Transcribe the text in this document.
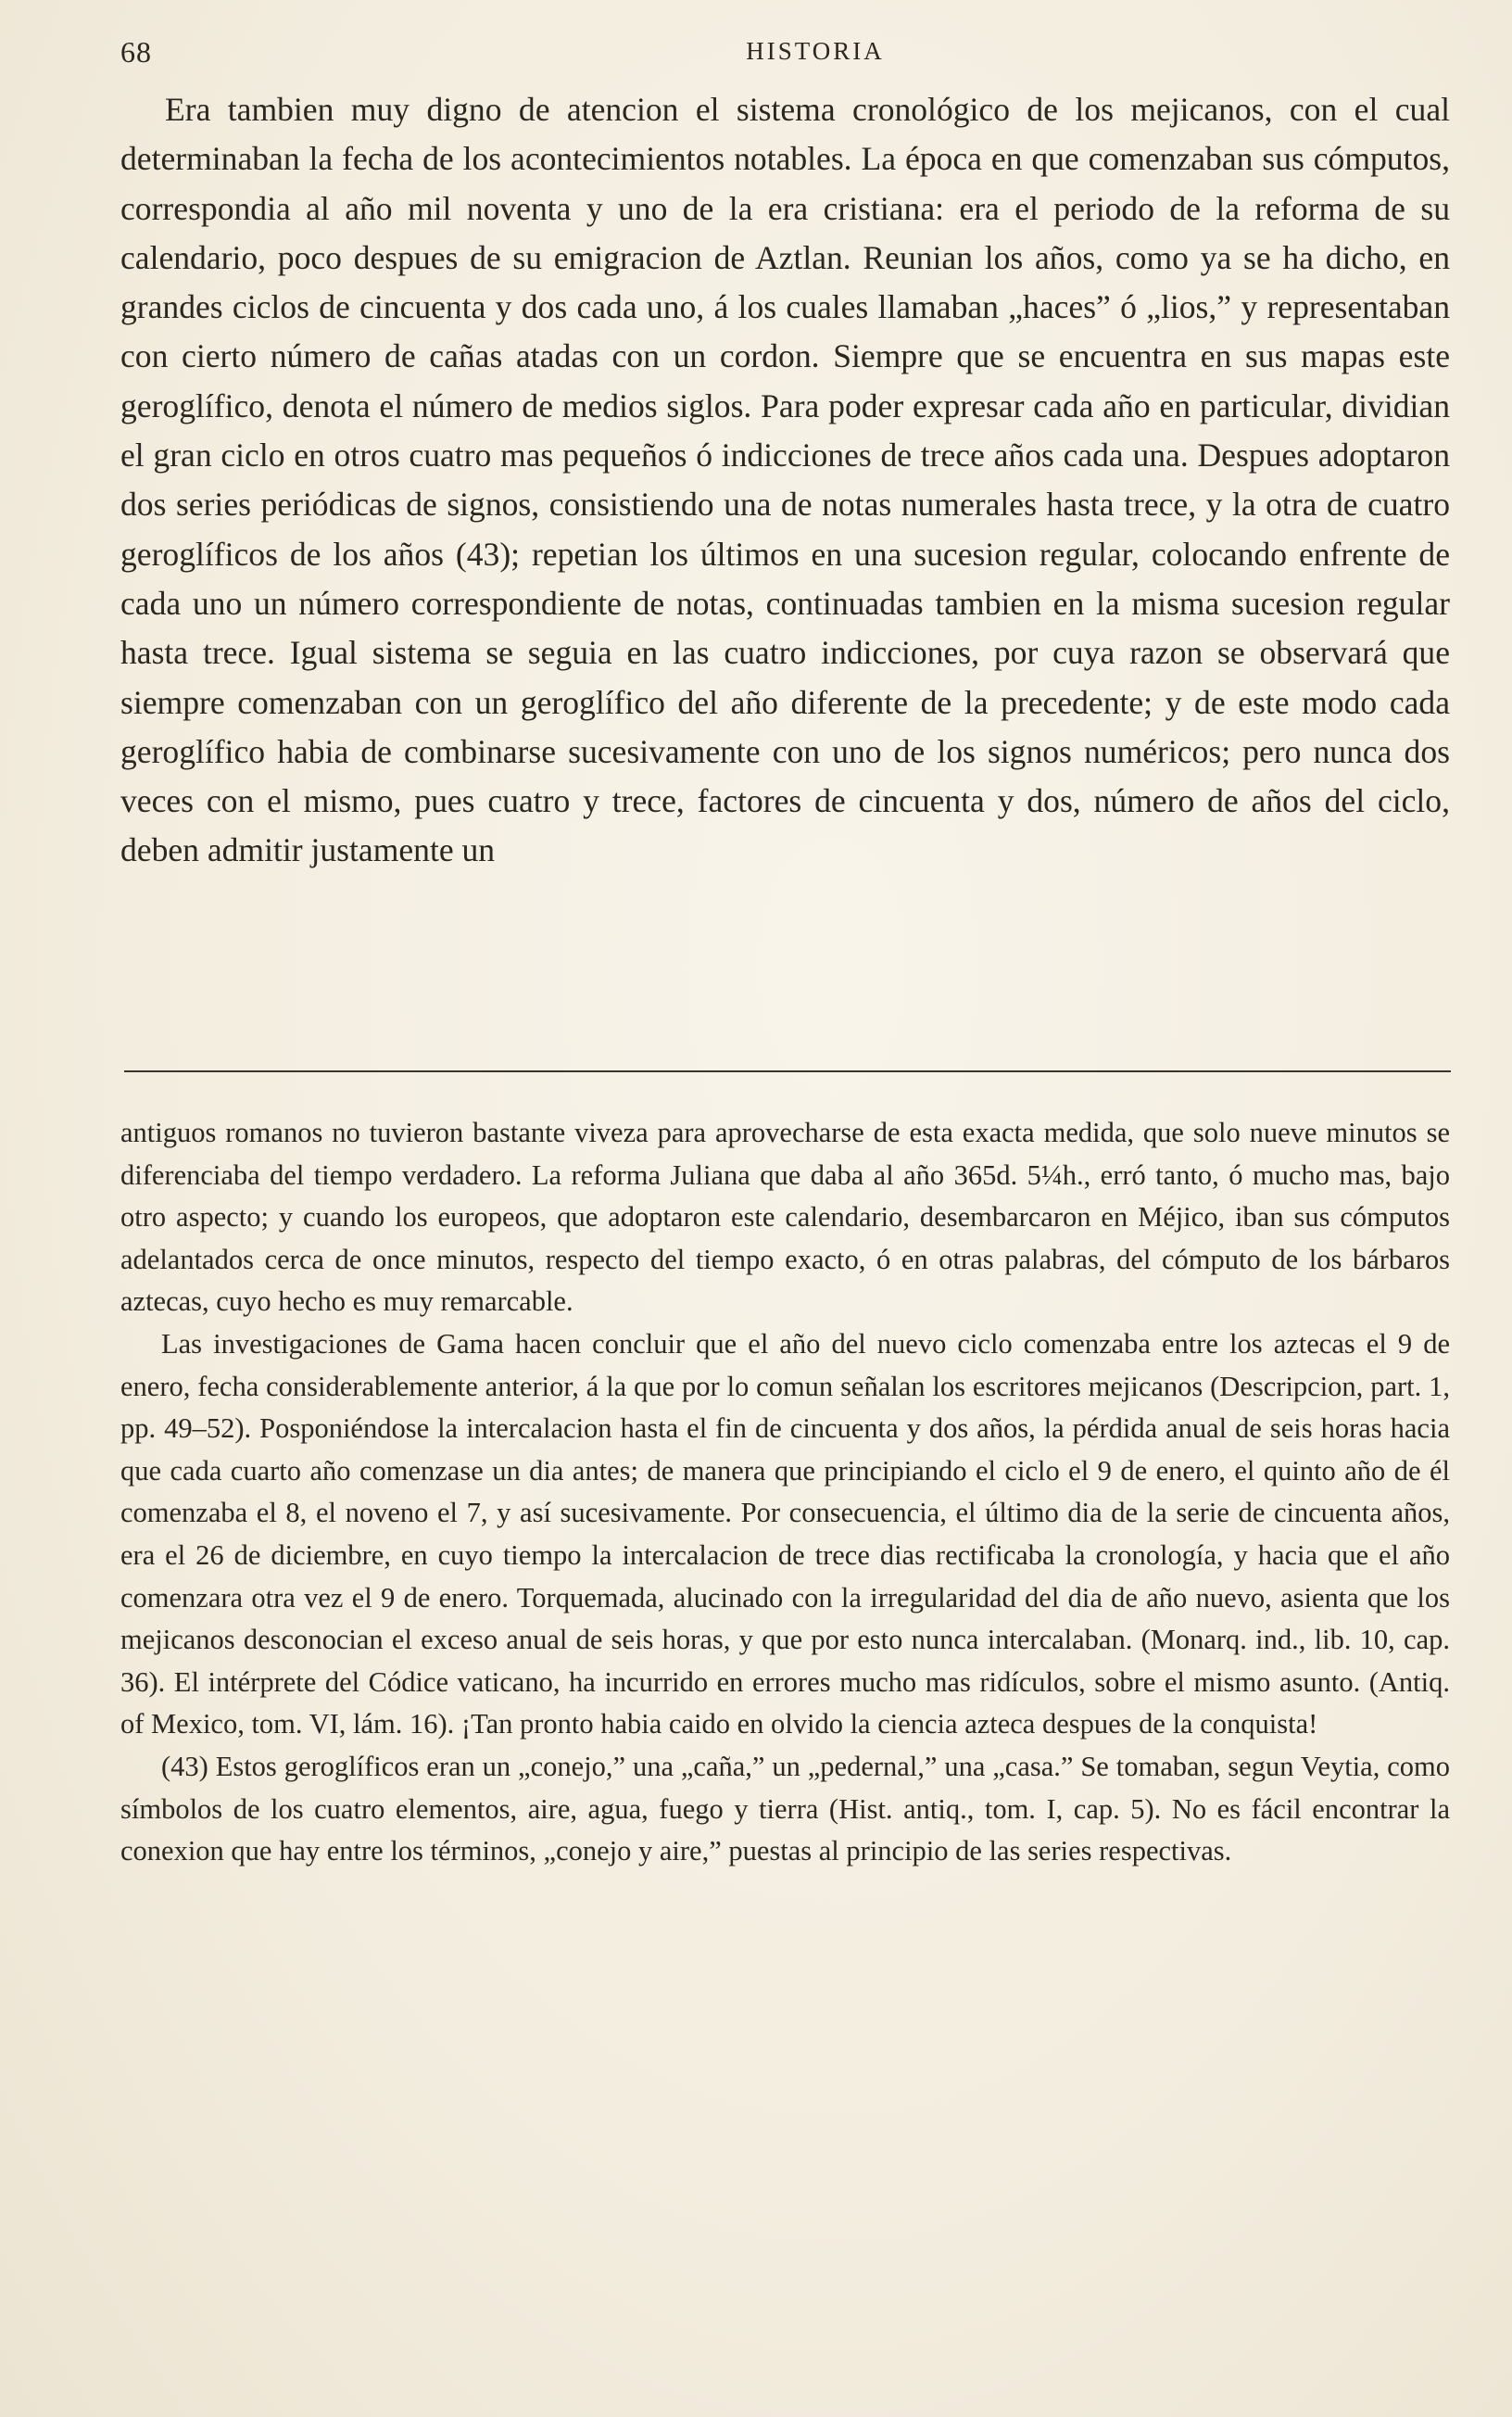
68	HISTORIA

Era tambien muy digno de atencion el sistema cronológico de los mejicanos, con el cual determinaban la fecha de los acontecimientos notables. La época en que comenzaban sus cómputos, correspondia al año mil noventa y uno de la era cristiana: era el periodo de la reforma de su calendario, poco despues de su emigracion de Aztlan. Reunian los años, como ya se ha dicho, en grandes ciclos de cincuenta y dos cada uno, á los cuales llamaban „haces” ó „lios,” y representaban con cierto número de cañas atadas con un cordon. Siempre que se encuentra en sus mapas este geroglífico, denota el número de medios siglos. Para poder expresar cada año en particular, dividian el gran ciclo en otros cuatro mas pequeños ó indicciones de trece años cada una. Despues adoptaron dos series periódicas de signos, consistiendo una de notas numerales hasta trece, y la otra de cuatro geroglíficos de los años (43); repetian los últimos en una sucesion regular, colocando enfrente de cada uno un número correspondiente de notas, continuadas tambien en la misma sucesion regular hasta trece. Igual sistema se seguia en las cuatro indicciones, por cuya razon se observará que siempre comenzaban con un geroglífico del año diferente de la precedente; y de este modo cada geroglífico habia de combinarse sucesivamente con uno de los signos numéricos; pero nunca dos veces con el mismo, pues cuatro y trece, factores de cincuenta y dos, número de años del ciclo, deben admitir justamente un

antiguos romanos no tuvieron bastante viveza para aprovecharse de esta exacta medida, que solo nueve minutos se diferenciaba del tiempo verdadero. La reforma Juliana que daba al año 365d. 5¼h., erró tanto, ó mucho mas, bajo otro aspecto; y cuando los europeos, que adoptaron este calendario, desembarcaron en Méjico, iban sus cómputos adelantados cerca de once minutos, respecto del tiempo exacto, ó en otras palabras, del cómputo de los bárbaros aztecas, cuyo hecho es muy remarcable.

Las investigaciones de Gama hacen concluir que el año del nuevo ciclo comenzaba entre los aztecas el 9 de enero, fecha considerablemente anterior, á la que por lo comun señalan los escritores mejicanos (Descripcion, part. 1, pp. 49–52). Posponiéndose la intercalacion hasta el fin de cincuenta y dos años, la pérdida anual de seis horas hacia que cada cuarto año comenzase un dia antes; de manera que principiando el ciclo el 9 de enero, el quinto año de él comenzaba el 8, el noveno el 7, y así sucesivamente. Por consecuencia, el último dia de la serie de cincuenta años, era el 26 de diciembre, en cuyo tiempo la intercalacion de trece dias rectificaba la cronología, y hacia que el año comenzara otra vez el 9 de enero. Torquemada, alucinado con la irregularidad del dia de año nuevo, asienta que los mejicanos desconocian el exceso anual de seis horas, y que por esto nunca intercalaban. (Monarq. ind., lib. 10, cap. 36). El intérprete del Códice vaticano, ha incurrido en errores mucho mas ridículos, sobre el mismo asunto. (Antiq. of Mexico, tom. VI, lám. 16). ¡Tan pronto habia caido en olvido la ciencia azteca despues de la conquista!

(43) Estos geroglíficos eran un „conejo,” una „caña,” un „pedernal,” una „casa.” Se tomaban, segun Veytia, como símbolos de los cuatro elementos, aire, agua, fuego y tierra (Hist. antiq., tom. I, cap. 5). No es fácil encontrar la conexion que hay entre los términos, „conejo y aire,” puestas al principio de las series respectivas.
